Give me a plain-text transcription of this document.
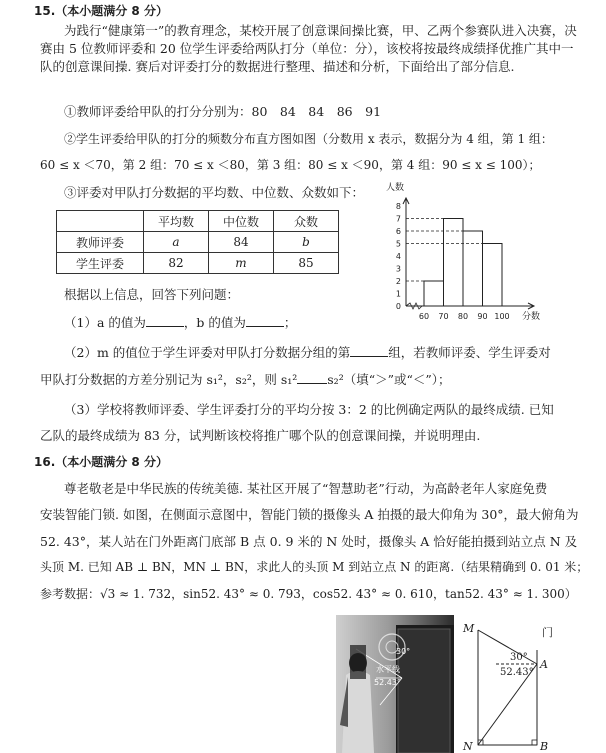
15.（本小题满分 8 分）
为践行“健康第一”的教育理念，某校开展了创意课间操比赛，甲、乙两个参赛队进入决赛，决赛由 5 位教师评委和 20 位学生评委给两队打分（单位：分），该校将按最终成绩择优推广其中一队的创意课间操. 赛后对评委打分的数据进行整理、描述和分析，下面给出了部分信息.
①教师评委给甲队的打分分别为：80　84　84　86　91
②学生评委给甲队的打分的频数分布直方图如图（分数用 x 表示，数据分为 4 组，第 1 组：
60 ≤ x ＜70，第 2 组：70 ≤ x ＜80，第 3 组：80 ≤ x ＜90，第 4 组：90 ≤ x ≤ 100）；
③评委对甲队打分数据的平均数、中位数、众数如下：
	平均数	中位数	众数
教师评委	a	84	b
学生评委	82	m	85
0
1
2
3
4
5
6
7
8
人数
60 70 80 90 100 分数
根据以上信息，回答下列问题：
（1）a 的值为	，b 的值为	；
（2）m 的值位于学生评委对甲队打分数据分组的第	组，若教师评委、学生评委对
甲队打分数据的方差分别记为 s₁²，s₂²，则 s₁² s₂²（填“＞”或“＜”）；
（3）学校将教师评委、学生评委打分的平均分按 3：2 的比例确定两队的最终成绩. 已知
乙队的最终成绩为 83 分，试判断该校将推广哪个队的创意课间操，并说明理由.
16.（本小题满分 8 分）
尊老敬老是中华民族的传统美德. 某社区开展了“智慧助老”行动，为高龄老年人家庭免费
安装智能门锁. 如图，在侧面示意图中，智能门锁的摄像头 A 拍摄的最大仰角为 30°，最大俯角为
52. 43°，某人站在门外距离门底部 B 点 0. 9 米的 N 处时，摄像头 A 恰好能拍摄到站立点 N 及
头顶 M. 已知 AB ⊥ BN，MN ⊥ BN，求此人的头顶 M 到站立点 N 的距离.（结果精确到 0. 01 米；
参考数据：√3 ≈ 1. 732，sin52. 43° ≈ 0. 793，cos52. 43° ≈ 0. 610，tan52. 43° ≈ 1. 300）
水平线
30°
52.43°
M
N
A
B
门
30°
52.43°
